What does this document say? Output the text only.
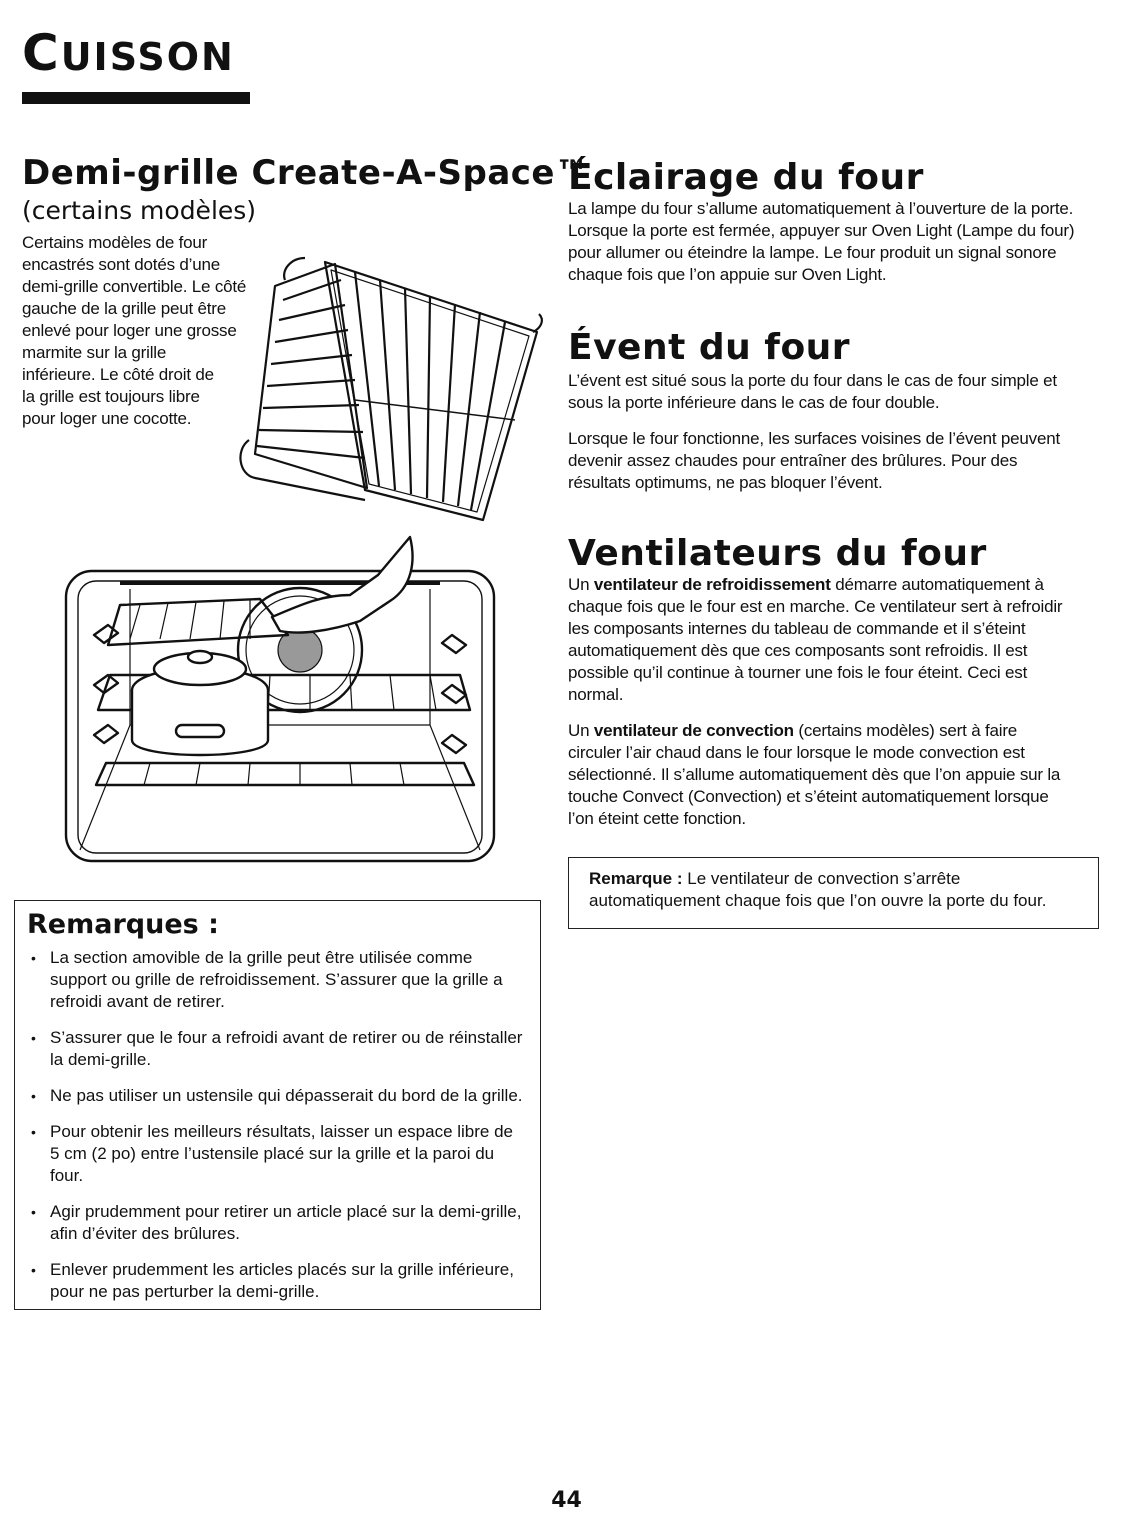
CUISSON
Demi-grille Create-A-Space™
(certains modèles)
Certains modèles de four
encastrés sont dotés d’une
demi-grille convertible. Le côté
gauche de la grille peut être
enlevé pour loger une grosse
marmite sur la grille
inférieure. Le côté droit de
la grille est toujours libre
pour loger une cocotte.
Remarques :
• La section amovible de la grille peut être utilisée comme
support ou grille de refroidissement. S’assurer que la grille a
refroidi avant de retirer.
• S’assurer que le four a refroidi avant de retirer ou de réinstaller
la demi-grille.
• Ne pas utiliser un ustensile qui dépasserait du bord de la grille.
• Pour obtenir les meilleurs résultats, laisser un espace libre de
5 cm (2 po) entre l’ustensile placé sur la grille et la paroi du
four.
• Agir prudemment pour retirer un article placé sur la demi-grille,
afin d’éviter des brûlures.
• Enlever prudemment les articles placés sur la grille inférieure,
pour ne pas perturber la demi-grille.
Éclairage du four
La lampe du four s’allume automatiquement à l’ouverture de la porte.
Lorsque la porte est fermée, appuyer sur Oven Light (Lampe du four)
pour allumer ou éteindre la lampe. Le four produit un signal sonore
chaque fois que l’on appuie sur Oven Light.
Évent du four
L’évent est situé sous la porte du four dans le cas de four simple et
sous la porte inférieure dans le cas de four double.
Lorsque le four fonctionne, les surfaces voisines de l’évent peuvent
devenir assez chaudes pour entraîner des brûlures. Pour des
résultats optimums, ne pas bloquer l’évent.
Ventilateurs du four
Un ventilateur de refroidissement démarre automatiquement à
chaque fois que le four est en marche. Ce ventilateur sert à refroidir
les composants internes du tableau de commande et il s’éteint
automatiquement dès que ces composants sont refroidis. Il est
possible qu’il continue à tourner une fois le four éteint. Ceci est
normal.
Un ventilateur de convection (certains modèles) sert à faire
circuler l’air chaud dans le four lorsque le mode convection est
sélectionné. Il s’allume automatiquement dès que l’on appuie sur la
touche Convect (Convection) et s’éteint automatiquement lorsque
l’on éteint cette fonction.

Remarque : Le ventilateur de convection s’arrête
automatiquement chaque fois que l’on ouvre la porte du four.

44
